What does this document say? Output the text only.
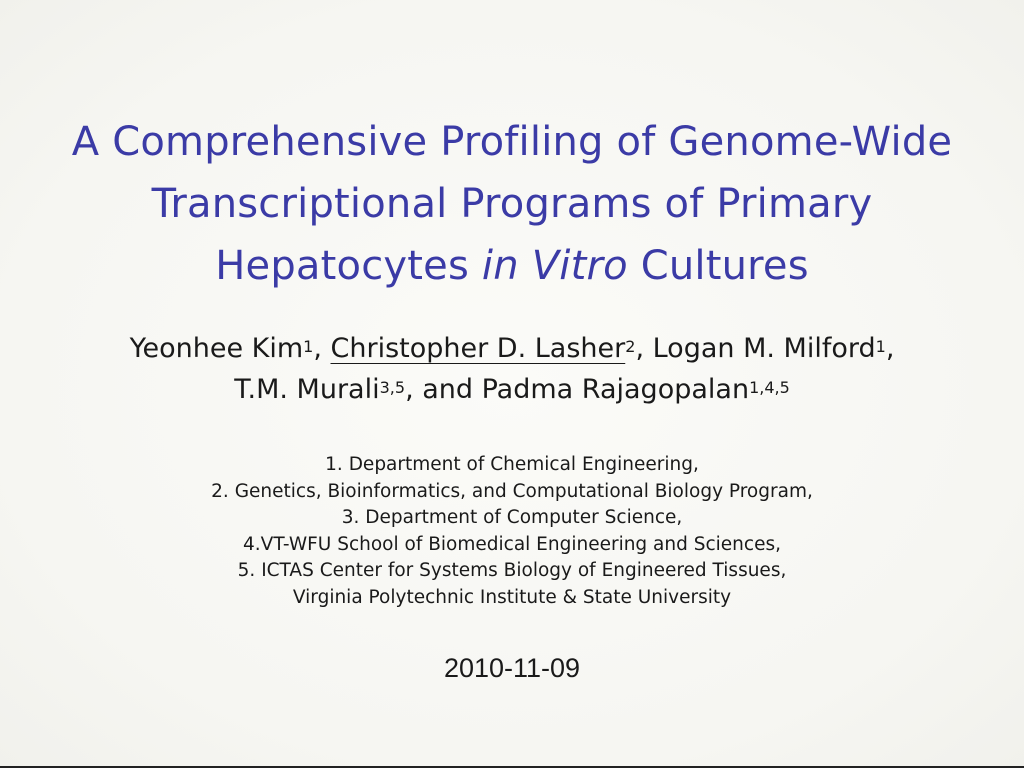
A Comprehensive Profiling of Genome-Wide
Transcriptional Programs of Primary
Hepatocytes in Vitro Cultures
Yeonhee Kim$^1$, Christopher D. Lasher$^2$, Logan M. Milford$^1$,
T.M. Murali$^{3,5}$, and Padma Rajagopalan$^{1,4,5}$
1. Department of Chemical Engineering,
2. Genetics, Bioinformatics, and Computational Biology Program,
3. Department of Computer Science,
4.VT-WFU School of Biomedical Engineering and Sciences,
5. ICTAS Center for Systems Biology of Engineered Tissues,
Virginia Polytechnic Institute & State University
2010-11-09
